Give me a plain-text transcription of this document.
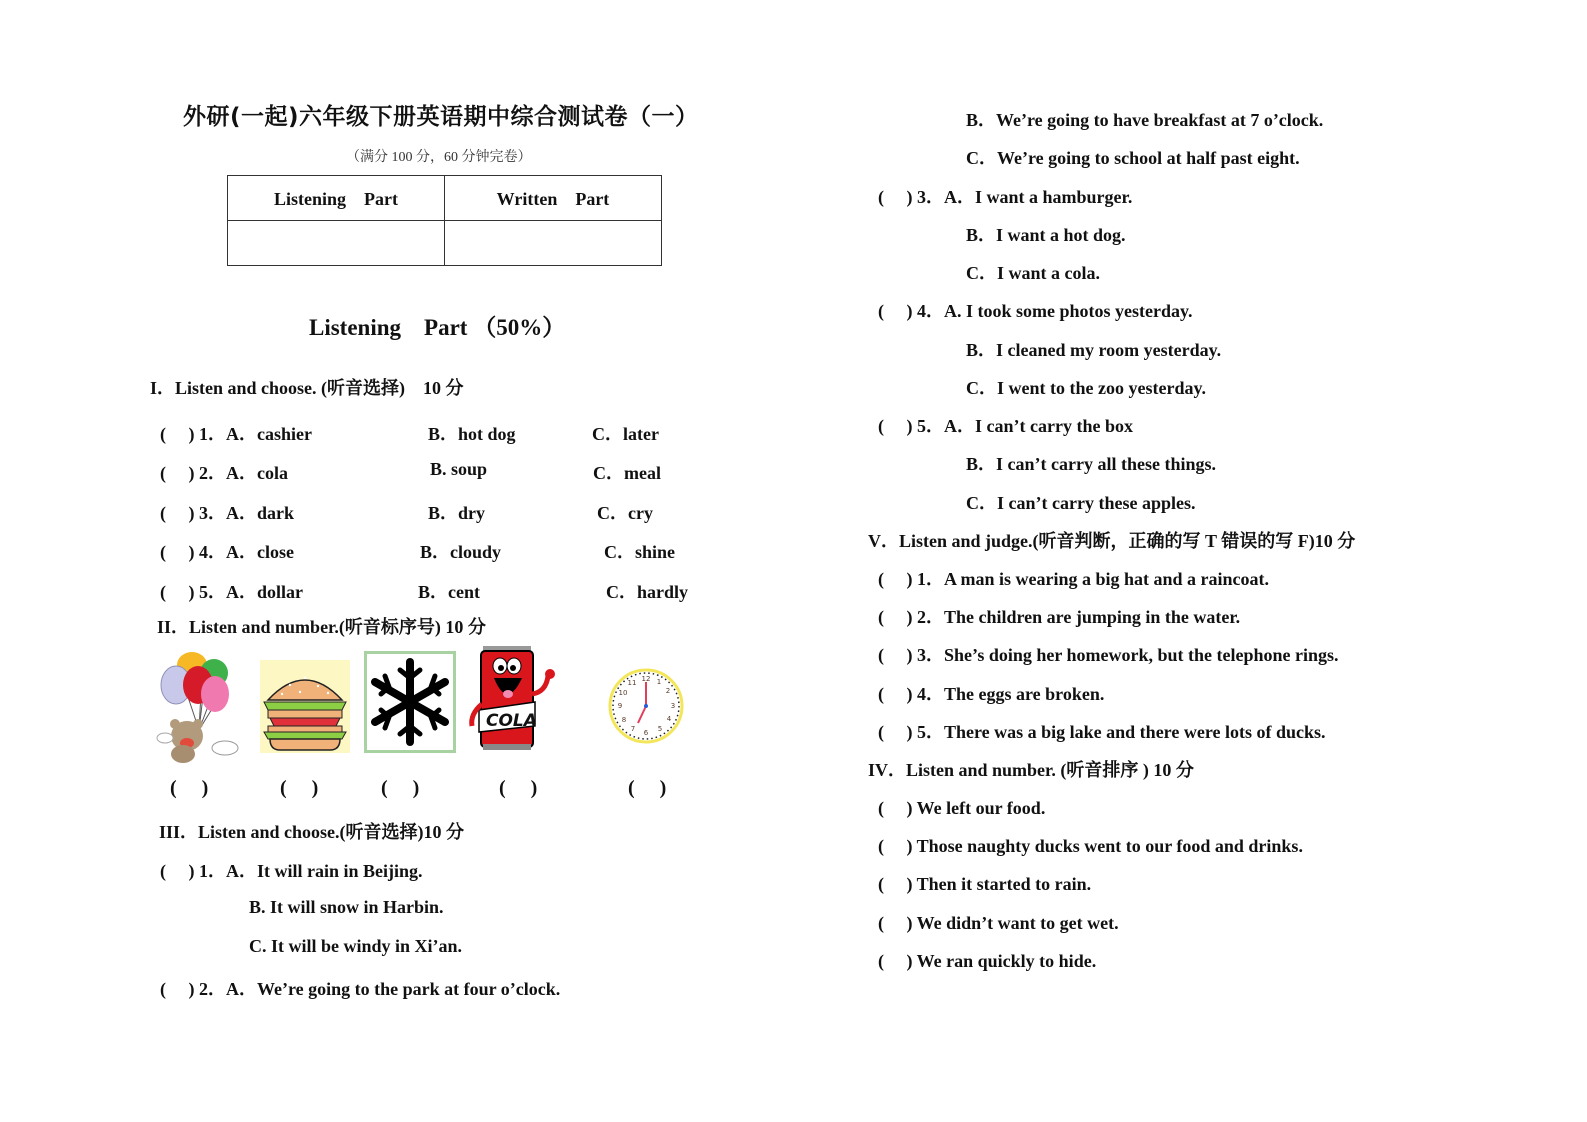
外研(一起)六年级下册英语期中综合测试卷（一）
（满分 100 分，60 分钟完卷）
Listening　Part	Written　Part

Listening　Part （50%）
I．Listen and choose. (听音选择)　10 分
(　 ) 1．A．cashier	B．hot dog	C．later
(　 ) 2．A．cola	B. soup	C．meal
(　 ) 3．A．dark	B．dry	C．cry
(　 ) 4．A．close	B．cloudy	C．shine
(　 ) 5．A．dollar	B．cent	C．hardly
II．Listen and number.(听音标序号) 10 分
COLA
12 1
2
3
4
5
6
7
8
9
10
11
(　 )	(　 )	(　 )	(　 )	(　 )
III．Listen and choose.(听音选择)10 分
(　 ) 1．A．It will rain in Beijing.
B. It will snow in Harbin.
C. It will be windy in Xi’an.
(　 ) 2．A．We’re going to the park at four o’clock.
B．We’re going to have breakfast at 7 o’clock.
C．We’re going to school at half past eight.
(　 ) 3．A．I want a hamburger.
B．I want a hot dog.
C．I want a cola.
(　 ) 4．A. I took some photos yesterday.
B．I cleaned my room yesterday.
C．I went to the zoo yesterday.
(　 ) 5．A．I can’t carry the box
B．I can’t carry all these things.
C．I can’t carry these apples.
V．Listen and judge.(听音判断，正确的写 T 错误的写 F)10 分
(　 ) 1．A man is wearing a big hat and a raincoat.
(　 ) 2．The children are jumping in the water.
(　 ) 3．She’s doing her homework, but the telephone rings.
(　 ) 4．The eggs are broken.
(　 ) 5．There was a big lake and there were lots of ducks.
IV．Listen and number. (听音排序 ) 10 分
(　 ) We left our food.
(　 ) Those naughty ducks went to our food and drinks.
(　 ) Then it started to rain.
(　 ) We didn’t want to get wet.
(　 ) We ran quickly to hide.
